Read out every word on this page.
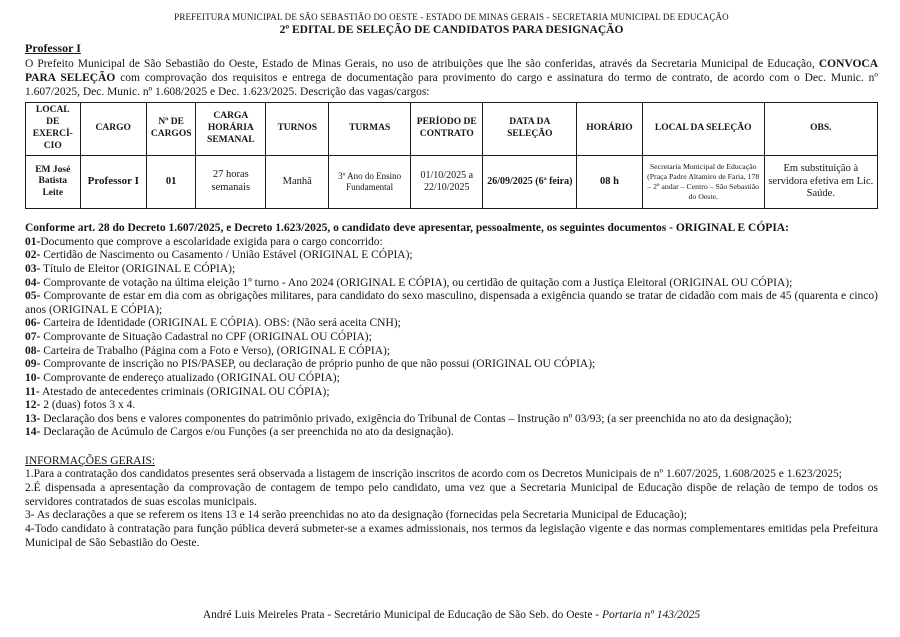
PREFEITURA MUNICIPAL DE SÃO SEBASTIÃO DO OESTE - ESTADO DE MINAS GERAIS - SECRETARIA MUNICIPAL DE EDUCAÇÃO
2º EDITAL DE SELEÇÃO DE CANDIDATOS PARA DESIGNAÇÃO
Professor I
O Prefeito Municipal de São Sebastião do Oeste, Estado de Minas Gerais, no uso de atribuições que lhe são conferidas, através da Secretaria Municipal de Educação, CONVOCA PARA SELEÇÃO com comprovação dos requisitos e entrega de documentação para provimento do cargo e assinatura do termo de contrato, de acordo com o Dec. Munic. nº 1.607/2025, Dec. Munic. nº 1.608/2025 e Dec. 1.623/2025. Descrição das vagas/cargos:
LOCAL DE EXERCÍ-CIO	CARGO	Nº DE CARGOS	CARGA HORÁRIA SEMANAL	TURNOS	TURMAS	PERÍODO DE CONTRATO	DATA DA SELEÇÃO	HORÁRIO	LOCAL DA SELEÇÃO	OBS.
EM José Batista Leite	Professor I	01	27 horas semanais	Manhã	3º Ano do Ensino Fundamental	01/10/2025 a 22/10/2025	26/09/2025 (6ª feira)	08 h	Secretaria Municipal de Educação (Praça Padre Altamiro de Faria, 178 – 2º andar – Centro – São Sebastião do Oeste.	Em substituição à servidora efetiva em Lic. Saúde.
Conforme art. 28 do Decreto 1.607/2025, e Decreto 1.623/2025, o candidato deve apresentar, pessoalmente, os seguintes documentos - ORIGINAL E CÓPIA:
01-Documento que comprove a escolaridade exigida para o cargo concorrido:
02- Certidão de Nascimento ou Casamento / União Estável (ORIGINAL E CÓPIA);
03- Título de Eleitor (ORIGINAL E CÓPIA);
04- Comprovante de votação na última eleição 1º turno - Ano 2024 (ORIGINAL E CÓPIA), ou certidão de quitação com a Justiça Eleitoral (ORIGINAL OU CÓPIA);
05- Comprovante de estar em dia com as obrigações militares, para candidato do sexo masculino, dispensada a exigência quando se tratar de cidadão com mais de 45 (quarenta e cinco) anos (ORIGINAL E CÓPIA);
06- Carteira de Identidade (ORIGINAL E CÓPIA). OBS: (Não será aceita CNH);
07- Comprovante de Situação Cadastral no CPF (ORIGINAL OU CÓPIA);
08- Carteira de Trabalho (Página com a Foto e Verso), (ORIGINAL E CÓPIA);
09- Comprovante de inscrição no PIS/PASEP, ou declaração de próprio punho de que não possui (ORIGINAL OU CÓPIA);
10- Comprovante de endereço atualizado (ORIGINAL OU CÓPIA);
11- Atestado de antecedentes criminais (ORIGINAL OU CÓPIA);
12- 2 (duas) fotos 3 x 4.
13- Declaração dos bens e valores componentes do patrimônio privado, exigência do Tribunal de Contas – Instrução nº 03/93; (a ser preenchida no ato da designação);
14- Declaração de Acúmulo de Cargos e/ou Funções (a ser preenchida no ato da designação).
INFORMAÇÕES GERAIS:
1.Para a contratação dos candidatos presentes será observada a listagem de inscrição inscritos de acordo com os Decretos Municipais de nº 1.607/2025, 1.608/2025 e 1.623/2025;
2.É dispensada a apresentação da comprovação de contagem de tempo pelo candidato, uma vez que a Secretaria Municipal de Educação dispõe de relação de tempo de todos os servidores contratados de suas escolas municipais.
3- As declarações a que se referem os itens 13 e 14 serão preenchidas no ato da designação (fornecidas pela Secretaria Municipal de Educação);
4-Todo candidato à contratação para função pública deverá submeter-se a exames admissionais, nos termos da legislação vigente e das normas complementares emitidas pela Prefeitura Municipal de São Sebastião do Oeste.
André Luis Meireles Prata - Secretário Municipal de Educação de São Seb. do Oeste - Portaria nº 143/2025
